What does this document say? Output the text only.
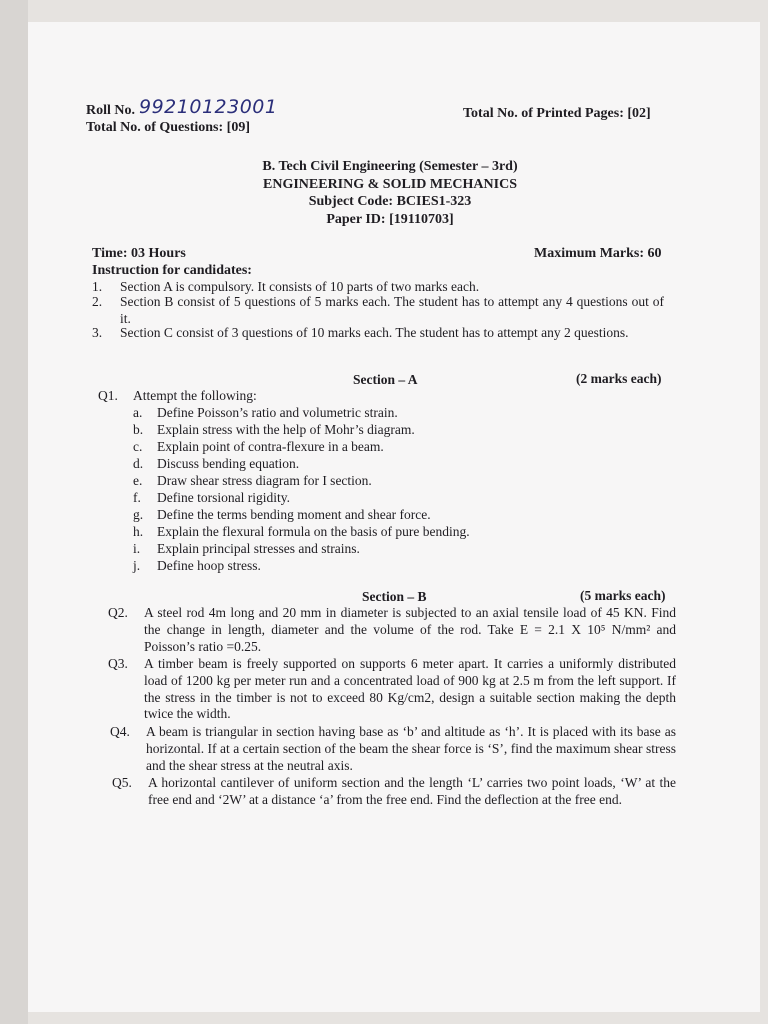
Roll No. 99210123001	Total No. of Printed Pages: [02]
Total No. of Questions: [09]
B. Tech Civil Engineering (Semester – 3rd)
ENGINEERING & SOLID MECHANICS
Subject Code: BCIES1-323
Paper ID: [19110703]
Time: 03 Hours	Maximum Marks: 60
Instruction for candidates:
1. Section A is compulsory. It consists of 10 parts of two marks each.
2.	Section B consist of 5 questions of 5 marks each. The student has to attempt any 4 questions out of it.
3.	Section C consist of 3 questions of 10 marks each. The student has to attempt any 2 questions.
Section – A	(2 marks each)
Q1. Attempt the following:
a. Define Poisson’s ratio and volumetric strain.
b. Explain stress with the help of Mohr’s diagram.
c. Explain point of contra-flexure in a beam.
d. Discuss bending equation.
e. Draw shear stress diagram for I section.
f. Define torsional rigidity.
g. Define the terms bending moment and shear force.
h. Explain the flexural formula on the basis of pure bending.
i. Explain principal stresses and strains.
j. Define hoop stress.
Section – B	(5 marks each)
Q2.	A steel rod 4m long and 20 mm in diameter is subjected to an axial tensile load of 45 KN. Find the change in length, diameter and the volume of the rod. Take E = 2.1 X 10⁵ N/mm² and Poisson’s ratio =0.25.
Q3.	A timber beam is freely supported on supports 6 meter apart. It carries a uniformly distributed load of 1200 kg per meter run and a concentrated load of 900 kg at 2.5 m from the left support. If the stress in the timber is not to exceed 80 Kg/cm2, design a suitable section making the depth twice the width.
Q4.	A beam is triangular in section having base as ‘b’ and altitude as ‘h’. It is placed with its base as horizontal. If at a certain section of the beam the shear force is ‘S’, find the maximum shear stress and the shear stress at the neutral axis.
Q5.	A horizontal cantilever of uniform section and the length ‘L’ carries two point loads, ‘W’ at the free end and ‘2W’ at a distance ‘a’ from the free end. Find the deflection at the free end.
